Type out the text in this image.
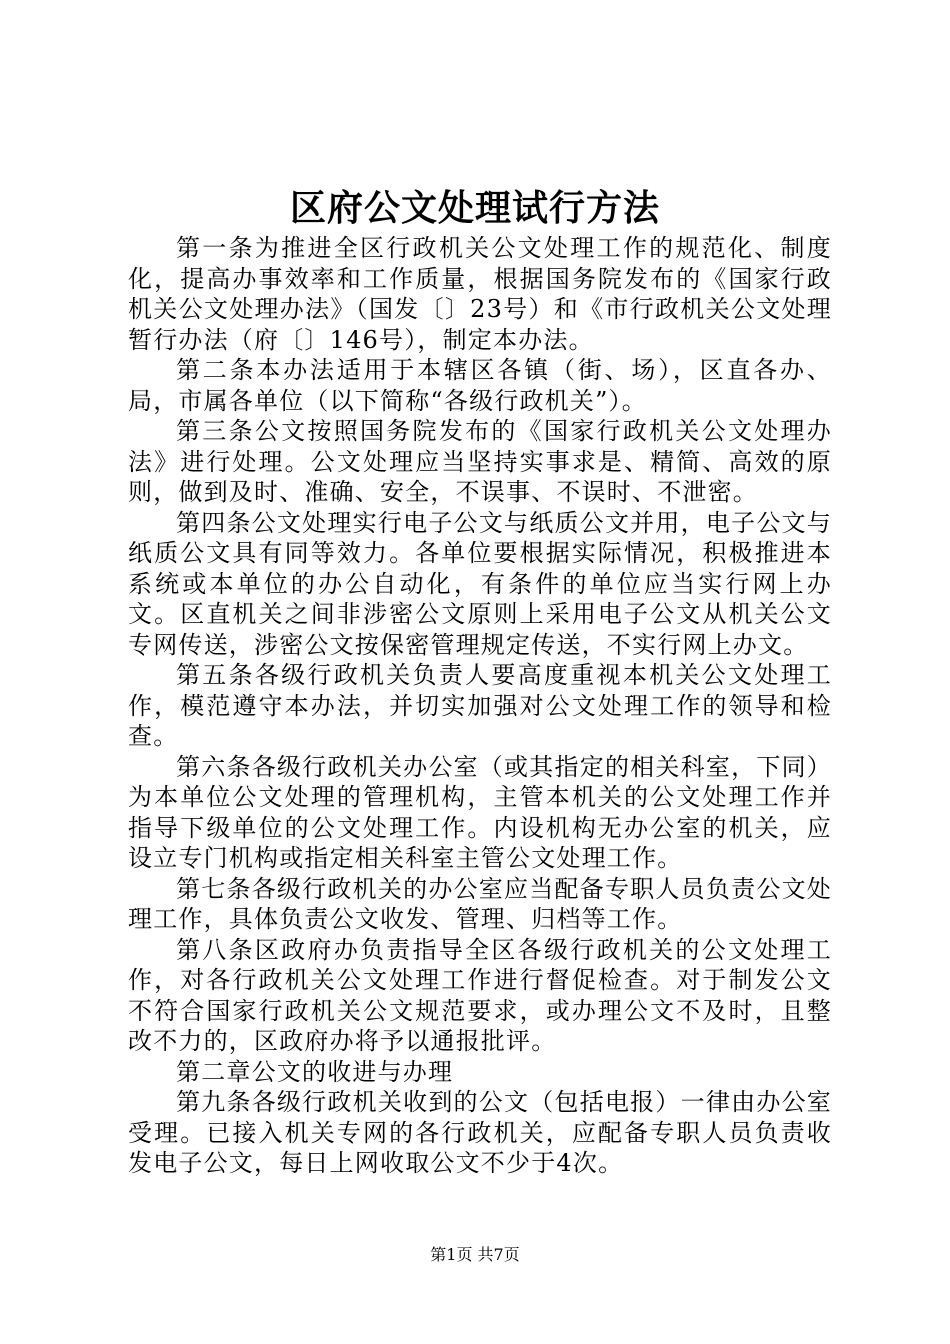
区府公文处理试行方法

第一条为推进全区行政机关公文处理工作的规范化、制度化，提高办事效率和工作质量，根据国务院发布的《国家行政机关公文处理办法》（国发〔〕23号）和《市行政机关公文处理暂行办法（府〔〕146号），制定本办法。

第二条本办法适用于本辖区各镇（街、场），区直各办、局，市属各单位（以下简称“各级行政机关”）。

第三条公文按照国务院发布的《国家行政机关公文处理办法》进行处理。公文处理应当坚持实事求是、精简、高效的原则，做到及时、准确、安全，不误事、不误时、不泄密。

第四条公文处理实行电子公文与纸质公文并用，电子公文与纸质公文具有同等效力。各单位要根据实际情况，积极推进本系统或本单位的办公自动化，有条件的单位应当实行网上办文。区直机关之间非涉密公文原则上采用电子公文从机关公文专网传送，涉密公文按保密管理规定传送，不实行网上办文。

第五条各级行政机关负责人要高度重视本机关公文处理工作，模范遵守本办法，并切实加强对公文处理工作的领导和检查。

第六条各级行政机关办公室（或其指定的相关科室，下同）为本单位公文处理的管理机构，主管本机关的公文处理工作并指导下级单位的公文处理工作。内设机构无办公室的机关，应设立专门机构或指定相关科室主管公文处理工作。

第七条各级行政机关的办公室应当配备专职人员负责公文处理工作，具体负责公文收发、管理、归档等工作。

第八条区政府办负责指导全区各级行政机关的公文处理工作，对各行政机关公文处理工作进行督促检查。对于制发公文不符合国家行政机关公文规范要求，或办理公文不及时，且整改不力的，区政府办将予以通报批评。

第二章公文的收进与办理

第九条各级行政机关收到的公文（包括电报）一律由办公室受理。已接入机关专网的各行政机关，应配备专职人员负责收发电子公文，每日上网收取公文不少于4次。

第1页 共7页
